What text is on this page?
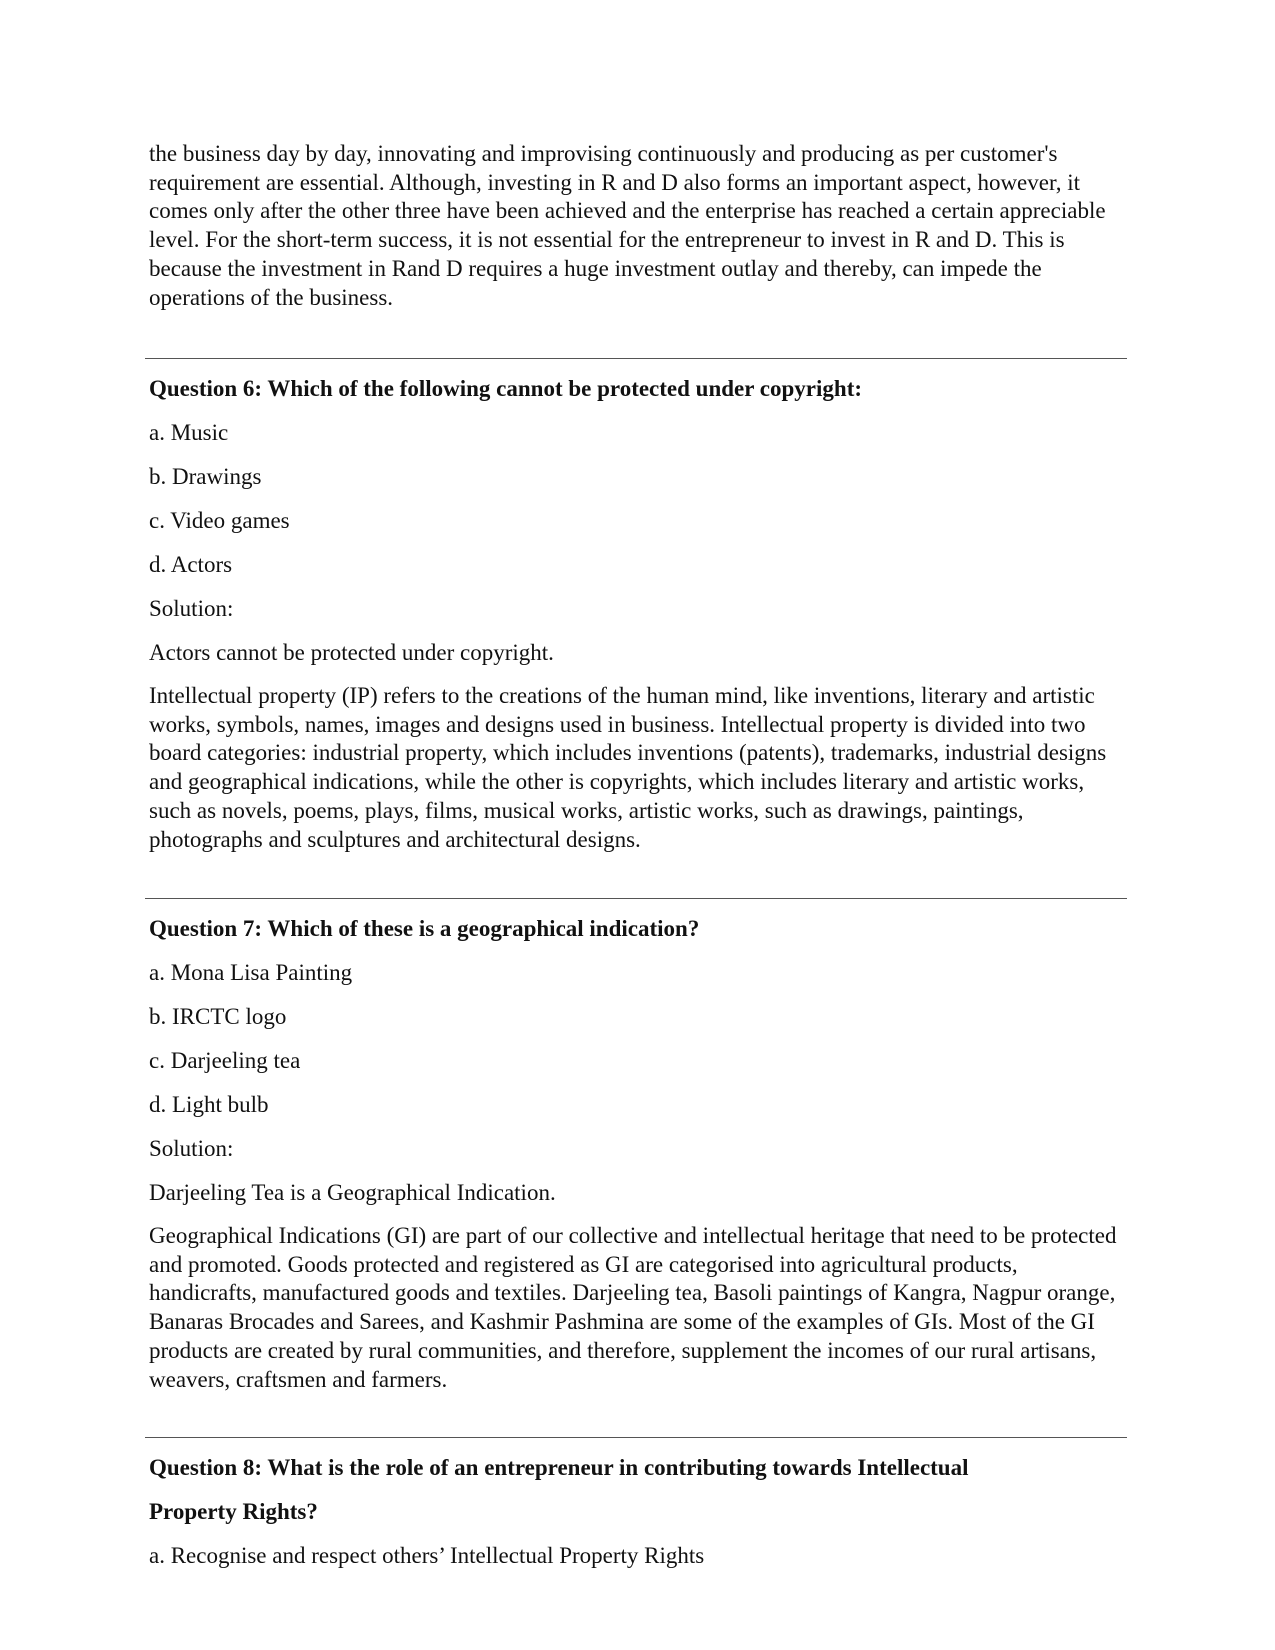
the business day by day, innovating and improvising continuously and producing as per customer's requirement are essential. Although, investing in R and D also forms an important aspect, however, it comes only after the other three have been achieved and the enterprise has reached a certain appreciable level. For the short-term success, it is not essential for the entrepreneur to invest in R and D. This is because the investment in Rand D requires a huge investment outlay and thereby, can impede the operations of the business.

Question 6: Which of the following cannot be protected under copyright:

a. Music

b. Drawings

c. Video games

d. Actors

Solution:

Actors cannot be protected under copyright.

Intellectual property (IP) refers to the creations of the human mind, like inventions, literary and artistic works, symbols, names, images and designs used in business. Intellectual property is divided into two board categories: industrial property, which includes inventions (patents), trademarks, industrial designs and geographical indications, while the other is copyrights, which includes literary and artistic works, such as novels, poems, plays, films, musical works, artistic works, such as drawings, paintings, photographs and sculptures and architectural designs.

Question 7: Which of these is a geographical indication?

a. Mona Lisa Painting

b. IRCTC logo

c. Darjeeling tea

d. Light bulb

Solution:

Darjeeling Tea is a Geographical Indication.

Geographical Indications (GI) are part of our collective and intellectual heritage that need to be protected and promoted. Goods protected and registered as GI are categorised into agricultural products, handicrafts, manufactured goods and textiles. Darjeeling tea, Basoli paintings of Kangra, Nagpur orange, Banaras Brocades and Sarees, and Kashmir Pashmina are some of the examples of GIs. Most of the GI products are created by rural communities, and therefore, supplement the incomes of our rural artisans, weavers, craftsmen and farmers.

Question 8: What is the role of an entrepreneur in contributing towards Intellectual

Property Rights?

a. Recognise and respect others’ Intellectual Property Rights
